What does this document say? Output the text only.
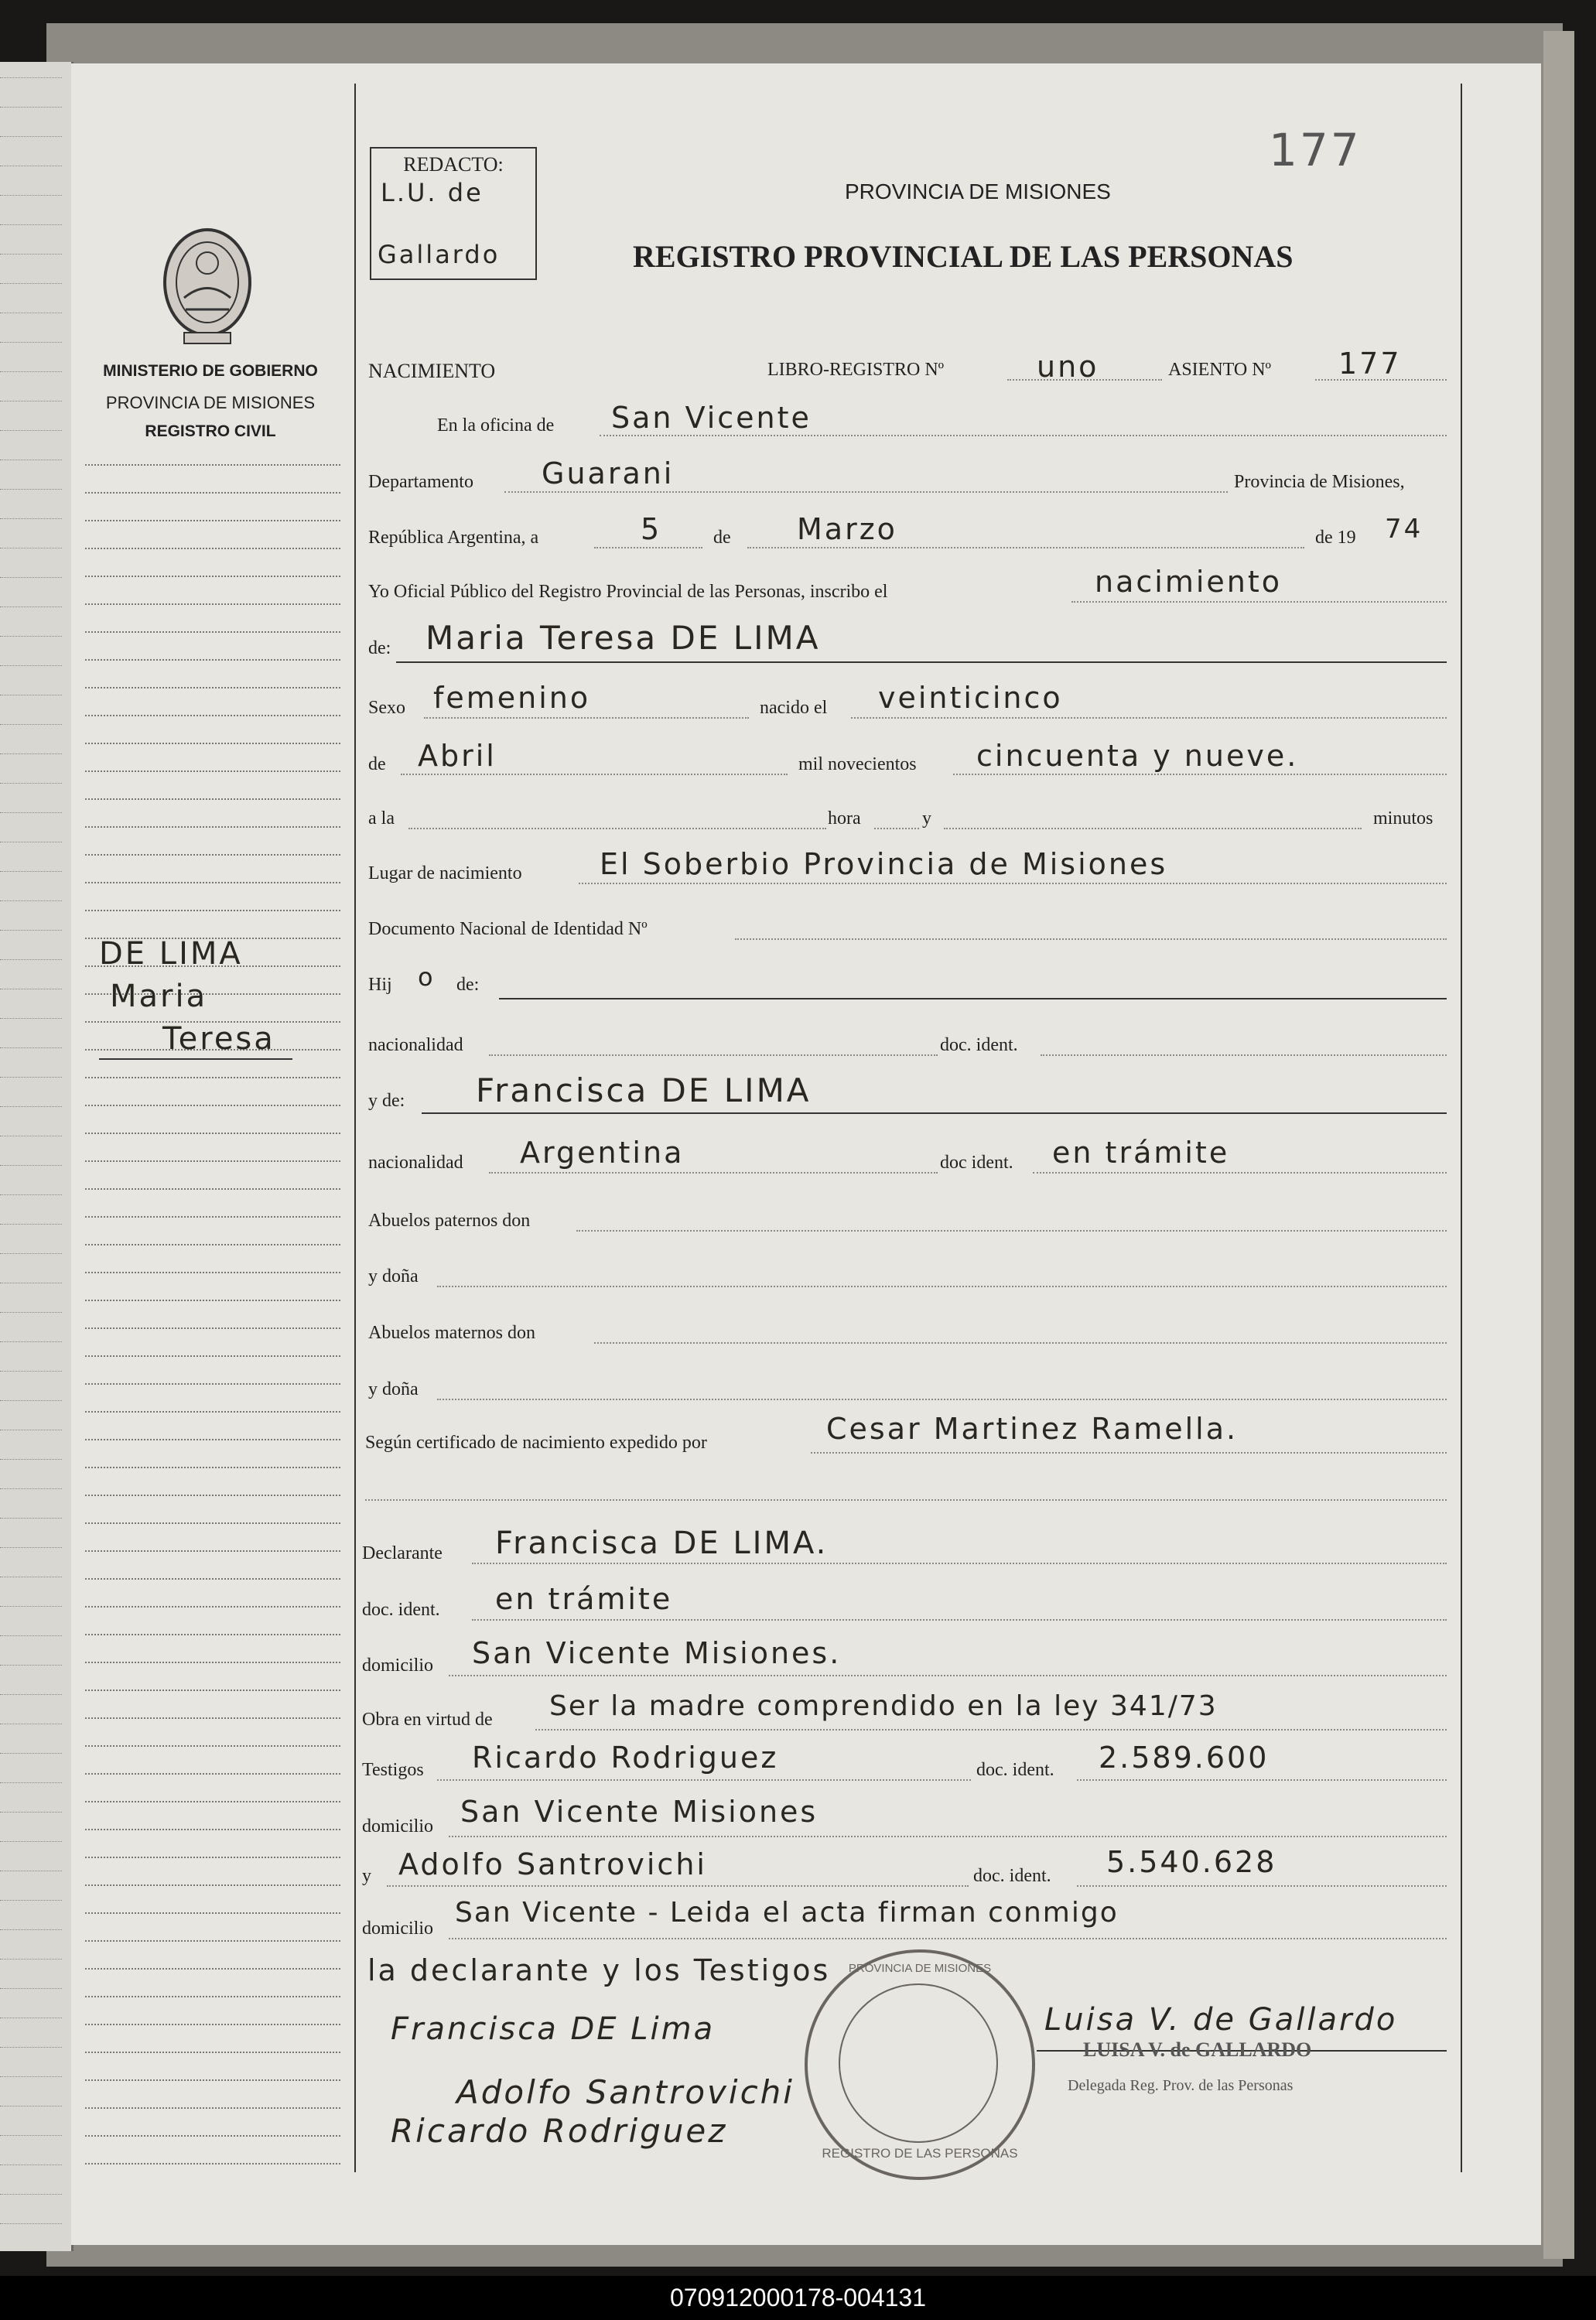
177
REDACTO:
L.U. de
Gallardo
MINISTERIO DE GOBIERNO
PROVINCIA DE MISIONES
REGISTRO CIVIL
DE LIMA
Maria
Teresa
PROVINCIA DE MISIONES
REGISTRO PROVINCIAL DE LAS PERSONAS
NACIMIENTO	LIBRO-REGISTRO Nº	uno	ASIENTO Nº 177
En la oficina de San Vicente
Departamento Guarani	Provincia de Misiones,
República Argentina, a	5	de Marzo	de 19 74
Yo Oficial Público del Registro Provincial de las Personas, inscribo el	nacimiento
de: Maria Teresa DE LIMA
Sexo femenino	nacido el veinticinco
de Abril	mil novecientos cincuenta y nueve.
a la	hora	y	minutos
Lugar de nacimiento	El Soberbio Provincia de Misiones
Documento Nacional de Identidad Nº
Hij o de:
nacionalidad	doc. ident.
y de: Francisca DE LIMA
nacionalidad Argentina	doc ident. en trámite
Abuelos paternos don
y doña
Abuelos maternos don
y doña
Según certificado de nacimiento expedido por	Cesar Martinez Ramella.
Declarante Francisca DE LIMA.
doc. ident. en trámite
domicilio San Vicente Misiones.
Obra en virtud de Ser la madre comprendido en la ley 341/73
Testigos Ricardo Rodriguez	doc. ident. 2.589.600
domicilio San Vicente Misiones
y Adolfo Santrovichi	doc. ident. 5.540.628
domicilio San Vicente - Leida el acta firman conmigo
la declarante y los Testigos	PROVINCIA DE MISIONES
REGISTRO DE LAS PERSONAS
Francisca DE Lima	Luisa V. de Gallardo
LUISA V. de GALLARDO
Delegada Reg. Prov. de las Personas
Adolfo Santrovichi
Ricardo Rodriguez
070912000178-004131
